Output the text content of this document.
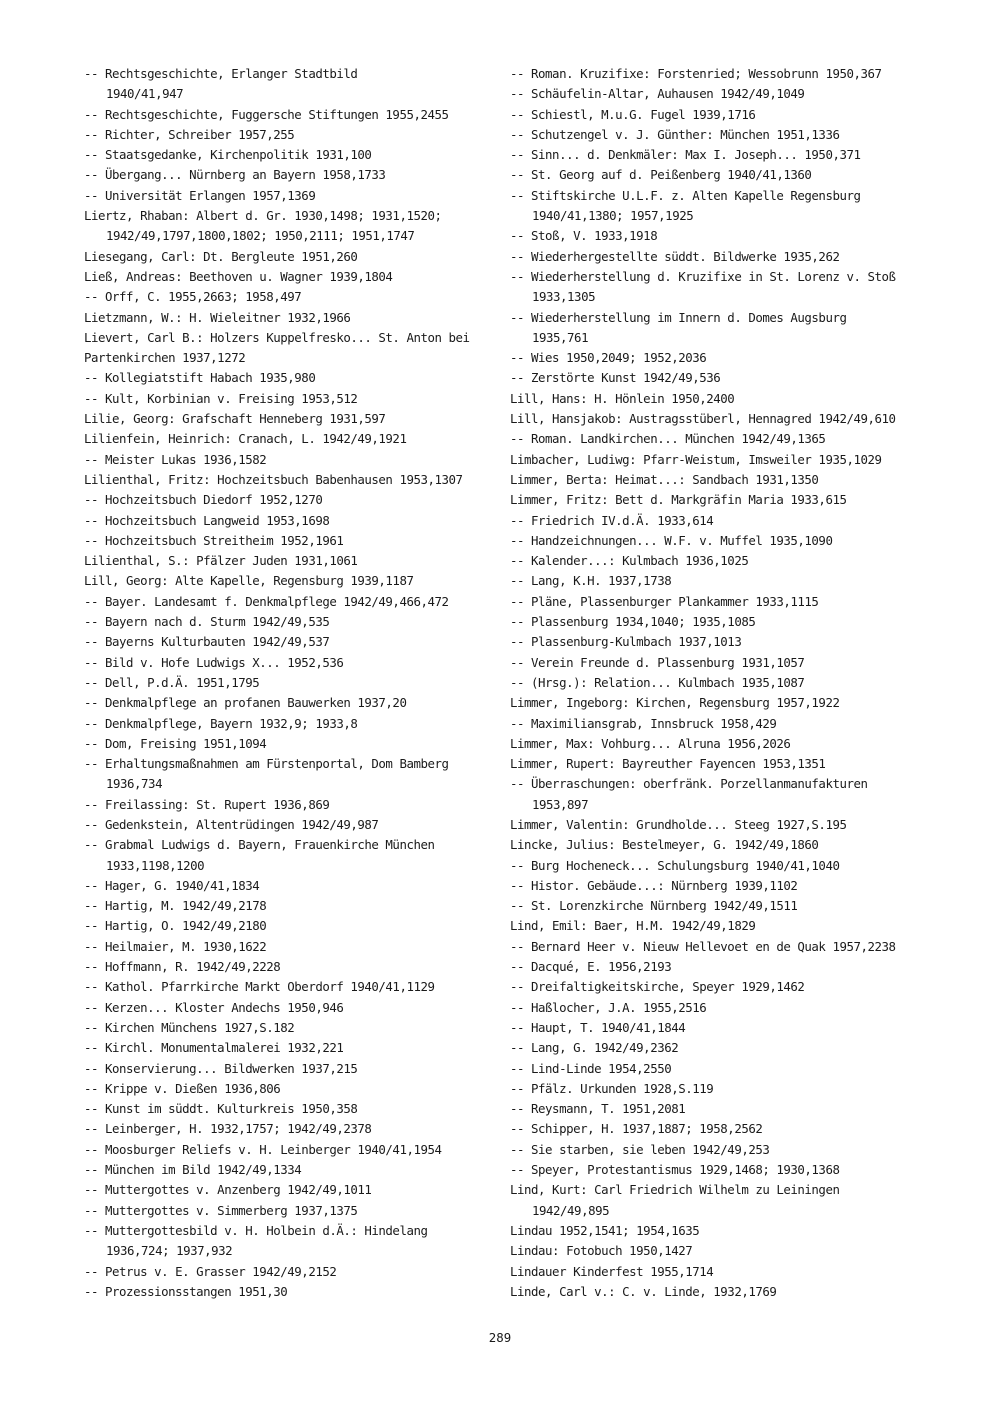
-- Rechtsgeschichte, Erlanger Stadtbild
1940/41,947
-- Rechtsgeschichte, Fuggersche Stiftungen 1955,2455
-- Richter, Schreiber 1957,255
-- Staatsgedanke, Kirchenpolitik 1931,100
-- Übergang... Nürnberg an Bayern 1958,1733
-- Universität Erlangen 1957,1369
Liertz, Rhaban: Albert d. Gr. 1930,1498; 1931,1520;
1942/49,1797,1800,1802; 1950,2111; 1951,1747
Liesegang, Carl: Dt. Bergleute 1951,260
Ließ, Andreas: Beethoven u. Wagner 1939,1804
-- Orff, C. 1955,2663; 1958,497
Lietzmann, W.: H. Wieleitner 1932,1966
Lievert, Carl B.: Holzers Kuppelfresko... St. Anton bei
Partenkirchen 1937,1272
-- Kollegiatstift Habach 1935,980
-- Kult, Korbinian v. Freising 1953,512
Lilie, Georg: Grafschaft Henneberg 1931,597
Lilienfein, Heinrich: Cranach, L. 1942/49,1921
-- Meister Lukas 1936,1582
Lilienthal, Fritz: Hochzeitsbuch Babenhausen 1953,1307
-- Hochzeitsbuch Diedorf 1952,1270
-- Hochzeitsbuch Langweid 1953,1698
-- Hochzeitsbuch Streitheim 1952,1961
Lilienthal, S.: Pfälzer Juden 1931,1061
Lill, Georg: Alte Kapelle, Regensburg 1939,1187
-- Bayer. Landesamt f. Denkmalpflege 1942/49,466,472
-- Bayern nach d. Sturm 1942/49,535
-- Bayerns Kulturbauten 1942/49,537
-- Bild v. Hofe Ludwigs X... 1952,536
-- Dell, P.d.Ä. 1951,1795
-- Denkmalpflege an profanen Bauwerken 1937,20
-- Denkmalpflege, Bayern 1932,9; 1933,8
-- Dom, Freising 1951,1094
-- Erhaltungsmaßnahmen am Fürstenportal, Dom Bamberg
1936,734
-- Freilassing: St. Rupert 1936,869
-- Gedenkstein, Altentrüdingen 1942/49,987
-- Grabmal Ludwigs d. Bayern, Frauenkirche München
1933,1198,1200
-- Hager, G. 1940/41,1834
-- Hartig, M. 1942/49,2178
-- Hartig, O. 1942/49,2180
-- Heilmaier, M. 1930,1622
-- Hoffmann, R. 1942/49,2228
-- Kathol. Pfarrkirche Markt Oberdorf 1940/41,1129
-- Kerzen... Kloster Andechs 1950,946
-- Kirchen Münchens 1927,S.182
-- Kirchl. Monumentalmalerei 1932,221
-- Konservierung... Bildwerken 1937,215
-- Krippe v. Dießen 1936,806
-- Kunst im süddt. Kulturkreis 1950,358
-- Leinberger, H. 1932,1757; 1942/49,2378
-- Moosburger Reliefs v. H. Leinberger 1940/41,1954
-- München im Bild 1942/49,1334
-- Muttergottes v. Anzenberg 1942/49,1011
-- Muttergottes v. Simmerberg 1937,1375
-- Muttergottesbild v. H. Holbein d.Ä.: Hindelang
1936,724; 1937,932
-- Petrus v. E. Grasser 1942/49,2152
-- Prozessionsstangen 1951,30
-- Roman. Kruzifixe: Forstenried; Wessobrunn 1950,367
-- Schäufelin-Altar, Auhausen 1942/49,1049
-- Schiestl, M.u.G. Fugel 1939,1716
-- Schutzengel v. J. Günther: München 1951,1336
-- Sinn... d. Denkmäler: Max I. Joseph... 1950,371
-- St. Georg auf d. Peißenberg 1940/41,1360
-- Stiftskirche U.L.F. z. Alten Kapelle Regensburg
1940/41,1380; 1957,1925
-- Stoß, V. 1933,1918
-- Wiederhergestellte süddt. Bildwerke 1935,262
-- Wiederherstellung d. Kruzifixe in St. Lorenz v. Stoß
1933,1305
-- Wiederherstellung im Innern d. Domes Augsburg
1935,761
-- Wies 1950,2049; 1952,2036
-- Zerstörte Kunst 1942/49,536
Lill, Hans: H. Hönlein 1950,2400
Lill, Hansjakob: Austragsstüberl, Hennagred 1942/49,610
-- Roman. Landkirchen... München 1942/49,1365
Limbacher, Ludiwg: Pfarr-Weistum, Imsweiler 1935,1029
Limmer, Berta: Heimat...: Sandbach 1931,1350
Limmer, Fritz: Bett d. Markgräfin Maria 1933,615
-- Friedrich IV.d.Ä. 1933,614
-- Handzeichnungen... W.F. v. Muffel 1935,1090
-- Kalender...: Kulmbach 1936,1025
-- Lang, K.H. 1937,1738
-- Pläne, Plassenburger Plankammer 1933,1115
-- Plassenburg 1934,1040; 1935,1085
-- Plassenburg-Kulmbach 1937,1013
-- Verein Freunde d. Plassenburg 1931,1057
-- (Hrsg.): Relation... Kulmbach 1935,1087
Limmer, Ingeborg: Kirchen, Regensburg 1957,1922
-- Maximiliansgrab, Innsbruck 1958,429
Limmer, Max: Vohburg... Alruna 1956,2026
Limmer, Rupert: Bayreuther Fayencen 1953,1351
-- Überraschungen: oberfränk. Porzellanmanufakturen
1953,897
Limmer, Valentin: Grundholde... Steeg 1927,S.195
Lincke, Julius: Bestelmeyer, G. 1942/49,1860
-- Burg Hocheneck... Schulungsburg 1940/41,1040
-- Histor. Gebäude...: Nürnberg 1939,1102
-- St. Lorenzkirche Nürnberg 1942/49,1511
Lind, Emil: Baer, H.M. 1942/49,1829
-- Bernard Heer v. Nieuw Hellevoet en de Quak 1957,2238
-- Dacqué, E. 1956,2193
-- Dreifaltigkeitskirche, Speyer 1929,1462
-- Haßlocher, J.A. 1955,2516
-- Haupt, T. 1940/41,1844
-- Lang, G. 1942/49,2362
-- Lind-Linde 1954,2550
-- Pfälz. Urkunden 1928,S.119
-- Reysmann, T. 1951,2081
-- Schipper, H. 1937,1887; 1958,2562
-- Sie starben, sie leben 1942/49,253
-- Speyer, Protestantismus 1929,1468; 1930,1368
Lind, Kurt: Carl Friedrich Wilhelm zu Leiningen
1942/49,895
Lindau 1952,1541; 1954,1635
Lindau: Fotobuch 1950,1427
Lindauer Kinderfest 1955,1714
Linde, Carl v.: C. v. Linde, 1932,1769
289
